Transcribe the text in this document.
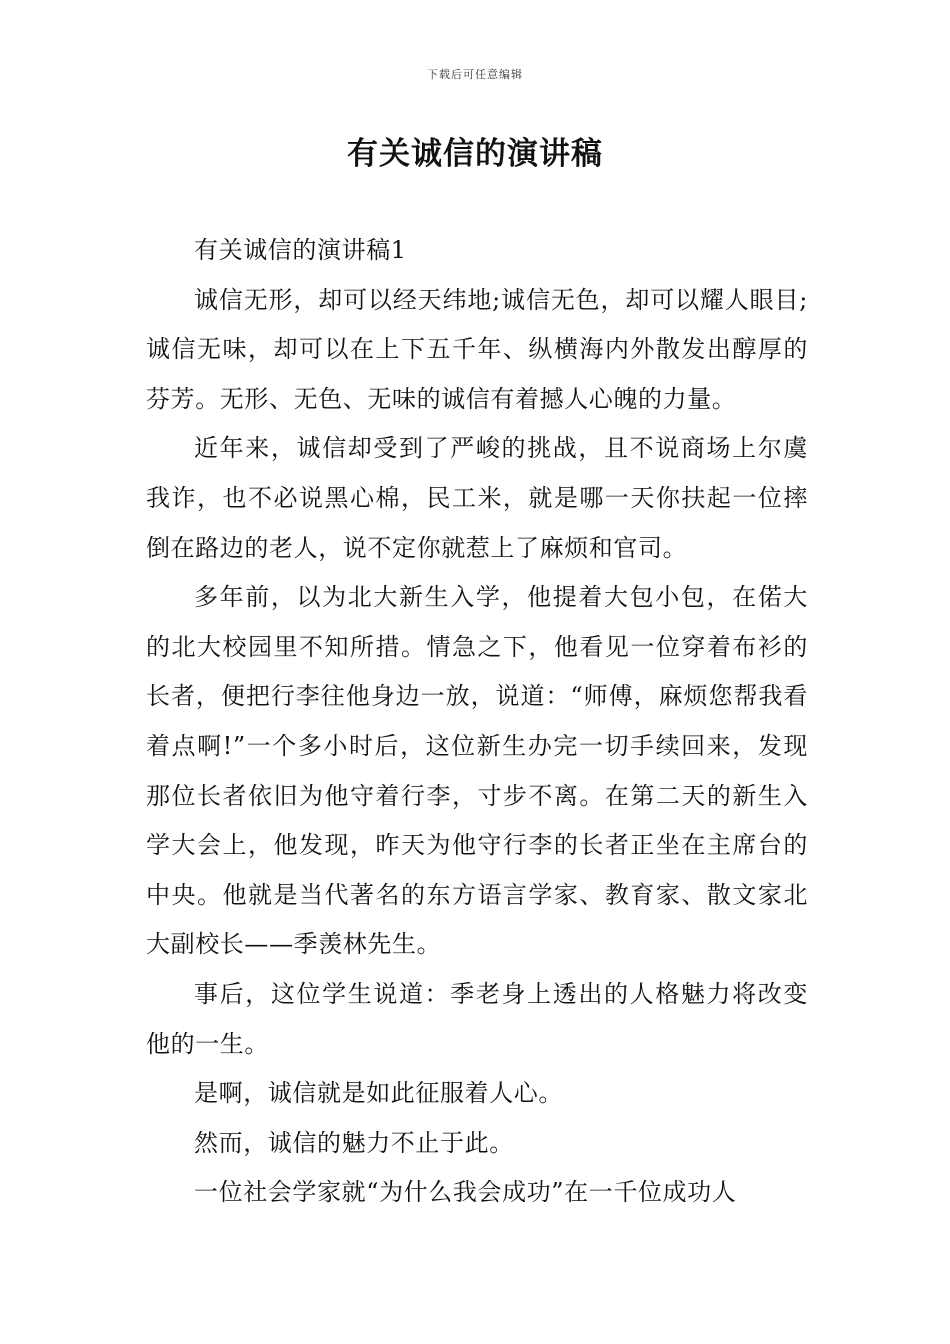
下载后可任意编辑
有关诚信的演讲稿

有关诚信的演讲稿1

诚信无形，却可以经天纬地;诚信无色，却可以耀人眼目;诚信无味，却可以在上下五千年、纵横海内外散发出醇厚的芬芳。无形、无色、无味的诚信有着撼人心魄的力量。

近年来，诚信却受到了严峻的挑战，且不说商场上尔虞我诈，也不必说黑心棉，民工米，就是哪一天你扶起一位摔倒在路边的老人，说不定你就惹上了麻烦和官司。

多年前，以为北大新生入学，他提着大包小包，在偌大的北大校园里不知所措。情急之下，他看见一位穿着布衫的长者，便把行李往他身边一放，说道：“师傅，麻烦您帮我看着点啊!”一个多小时后，这位新生办完一切手续回来，发现那位长者依旧为他守着行李，寸步不离。在第二天的新生入学大会上，他发现，昨天为他守行李的长者正坐在主席台的中央。他就是当代著名的东方语言学家、教育家、散文家北大副校长——季羡林先生。

事后，这位学生说道：季老身上透出的人格魅力将改变他的一生。

是啊，诚信就是如此征服着人心。

然而，诚信的魅力不止于此。

一位社会学家就“为什么我会成功”在一千位成功人
